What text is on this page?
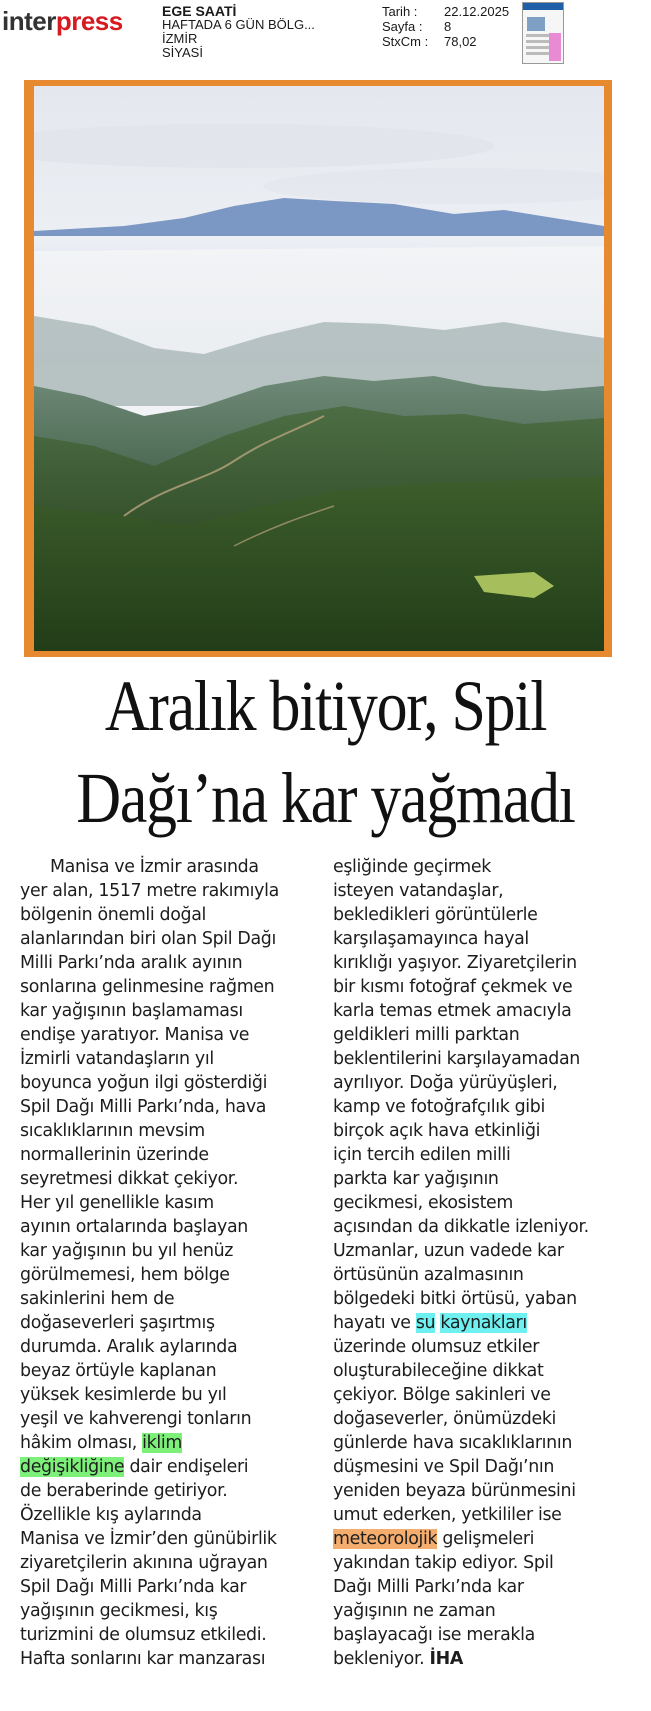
interpress	EGE SAATİ
HAFTADA 6 GÜN BÖLG...
İZMİR
SİYASİ
Tarih :	22.12.2025
Sayfa :	8
StxCm :	78,02
Aralık bitiyor, Spil
Dağı’na kar yağmadı
Manisa ve İzmir arasında
yer alan, 1517 metre rakımıyla
bölgenin önemli doğal
alanlarından biri olan Spil Dağı
Milli Parkı’nda aralık ayının
sonlarına gelinmesine rağmen
kar yağışının başlamaması
endişe yaratıyor. Manisa ve
İzmirli vatandaşların yıl
boyunca yoğun ilgi gösterdiği
Spil Dağı Milli Parkı’nda, hava
sıcaklıklarının mevsim
normallerinin üzerinde
seyretmesi dikkat çekiyor.
Her yıl genellikle kasım
ayının ortalarında başlayan
kar yağışının bu yıl henüz
görülmemesi, hem bölge
sakinlerini hem de
doğaseverleri şaşırtmış
durumda. Aralık aylarında
beyaz örtüyle kaplanan
yüksek kesimlerde bu yıl
yeşil ve kahverengi tonların
hâkim olması, iklim
değişikliğine dair endişeleri
de beraberinde getiriyor.
Özellikle kış aylarında
Manisa ve İzmir’den günübirlik
ziyaretçilerin akınına uğrayan
Spil Dağı Milli Parkı’nda kar
yağışının gecikmesi, kış
turizmini de olumsuz etkiledi.
Hafta sonlarını kar manzarası
eşliğinde geçirmek
isteyen vatandaşlar,
bekledikleri görüntülerle
karşılaşamayınca hayal
kırıklığı yaşıyor. Ziyaretçilerin
bir kısmı fotoğraf çekmek ve
karla temas etmek amacıyla
geldikleri milli parktan
beklentilerini karşılayamadan
ayrılıyor. Doğa yürüyüşleri,
kamp ve fotoğrafçılık gibi
birçok açık hava etkinliği
için tercih edilen milli
parkta kar yağışının
gecikmesi, ekosistem
açısından da dikkatle izleniyor.
Uzmanlar, uzun vadede kar
örtüsünün azalmasının
bölgedeki bitki örtüsü, yaban
hayatı ve su kaynakları
üzerinde olumsuz etkiler
oluşturabileceğine dikkat
çekiyor. Bölge sakinleri ve
doğaseverler, önümüzdeki
günlerde hava sıcaklıklarının
düşmesini ve Spil Dağı’nın
yeniden beyaza bürünmesini
umut ederken, yetkililer ise
meteorolojik gelişmeleri
yakından takip ediyor. Spil
Dağı Milli Parkı’nda kar
yağışının ne zaman
başlayacağı ise merakla
bekleniyor. İHA
